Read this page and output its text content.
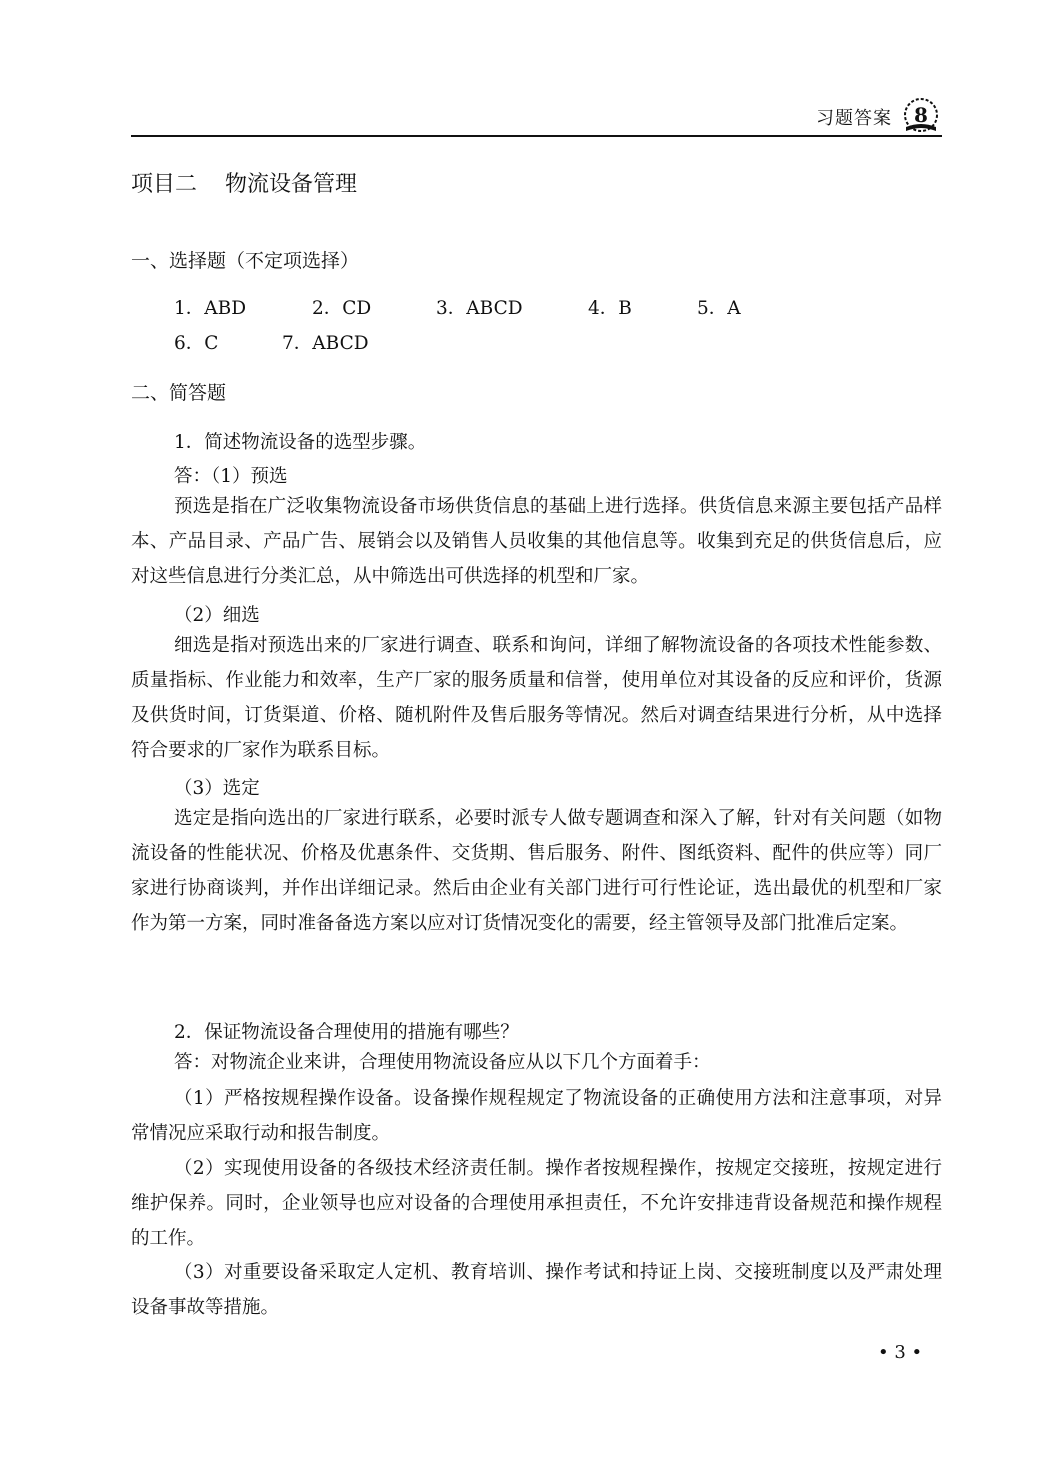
习题答案 8
项目二    物流设备管理
一、选择题（不定项选择）
1．ABD	2．CD	3．ABCD	4．B	5．A
6．C	7．ABCD
二、简答题
1．简述物流设备的选型步骤。
答：（1）预选

预选是指在广泛收集物流设备市场供货信息的基础上进行选择。供货信息来源主要包括产品样本、产品目录、产品广告、展销会以及销售人员收集的其他信息等。收集到充足的供货信息后，应对这些信息进行分类汇总，从中筛选出可供选择的机型和厂家。

（2）细选

细选是指对预选出来的厂家进行调查、联系和询问，详细了解物流设备的各项技术性能参数、质量指标、作业能力和效率，生产厂家的服务质量和信誉，使用单位对其设备的反应和评价，货源及供货时间，订货渠道、价格、随机附件及售后服务等情况。然后对调查结果进行分析，从中选择符合要求的厂家作为联系目标。

（3）选定

选定是指向选出的厂家进行联系，必要时派专人做专题调查和深入了解，针对有关问题（如物流设备的性能状况、价格及优惠条件、交货期、售后服务、附件、图纸资料、配件的供应等）同厂家进行协商谈判，并作出详细记录。然后由企业有关部门进行可行性论证，选出最优的机型和厂家作为第一方案，同时准备备选方案以应对订货情况变化的需要，经主管领导及部门批准后定案。

2．保证物流设备合理使用的措施有哪些？

答：对物流企业来讲，合理使用物流设备应从以下几个方面着手：

（1）严格按规程操作设备。设备操作规程规定了物流设备的正确使用方法和注意事项，对异常情况应采取行动和报告制度。

（2）实现使用设备的各级技术经济责任制。操作者按规程操作，按规定交接班，按规定进行维护保养。同时，企业领导也应对设备的合理使用承担责任，不允许安排违背设备规范和操作规程的工作。

（3）对重要设备采取定人定机、教育培训、操作考试和持证上岗、交接班制度以及严肃处理设备事故等措施。

• 3 •
